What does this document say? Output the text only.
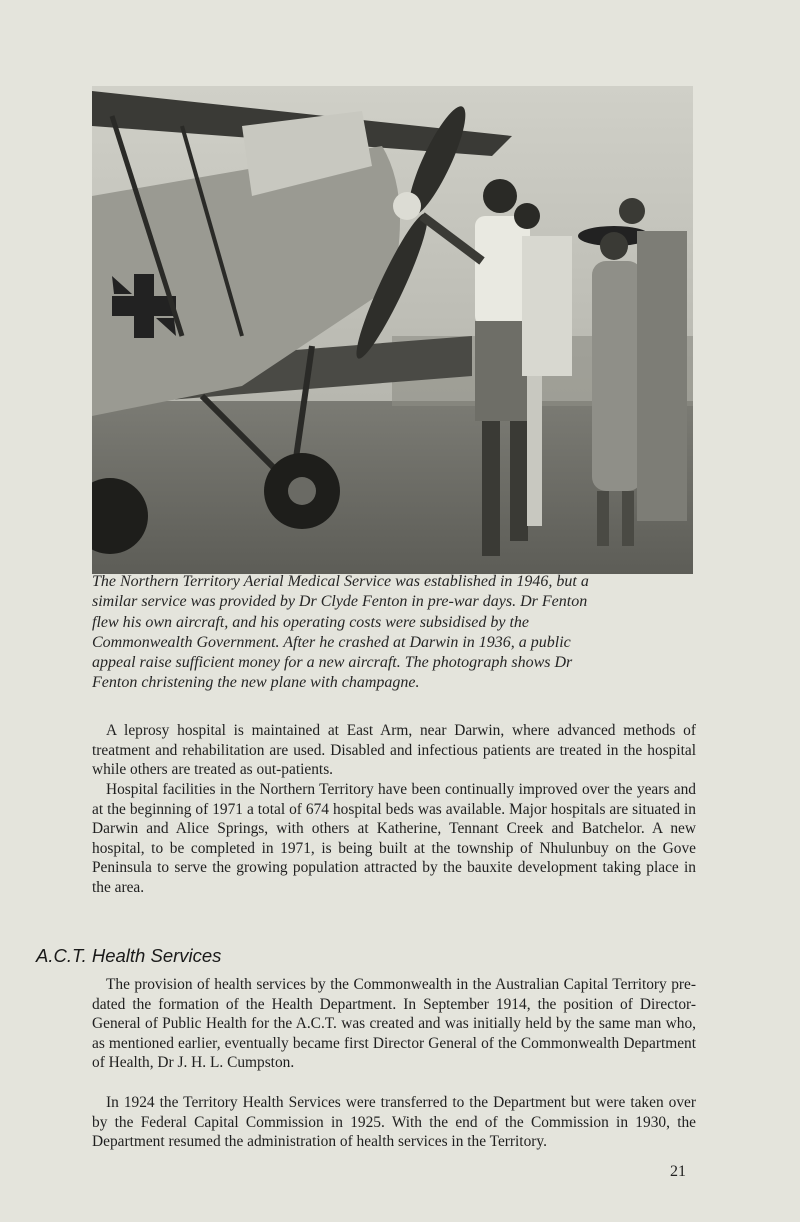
The Northern Territory Aerial Medical Service was established in 1946, but a similar service was provided by Dr Clyde Fenton in pre-war days. Dr Fenton flew his own aircraft, and his operating costs were subsidised by the Commonwealth Government. After he crashed at Darwin in 1936, a public appeal raise sufficient money for a new aircraft. The photograph shows Dr Fenton christening the new plane with champagne.

A leprosy hospital is maintained at East Arm, near Darwin, where advanced methods of treatment and rehabilitation are used. Disabled and infectious patients are treated in the hospital while others are treated as out-patients.

Hospital facilities in the Northern Territory have been continually improved over the years and at the beginning of 1971 a total of 674 hospital beds was available. Major hospitals are situated in Darwin and Alice Springs, with others at Katherine, Tennant Creek and Batchelor. A new hospital, to be completed in 1971, is being built at the township of Nhulunbuy on the Gove Peninsula to serve the growing population attracted by the bauxite development taking place in the area.

A.C.T. Health Services

The provision of health services by the Commonwealth in the Australian Capital Territory pre-dated the formation of the Health Department. In September 1914, the position of Director-General of Public Health for the A.C.T. was created and was initially held by the same man who, as mentioned earlier, eventually became first Director General of the Commonwealth Department of Health, Dr J. H. L. Cumpston.

In 1924 the Territory Health Services were transferred to the Department but were taken over by the Federal Capital Commission in 1925. With the end of the Commission in 1930, the Department resumed the administration of health services in the Territory.

21
